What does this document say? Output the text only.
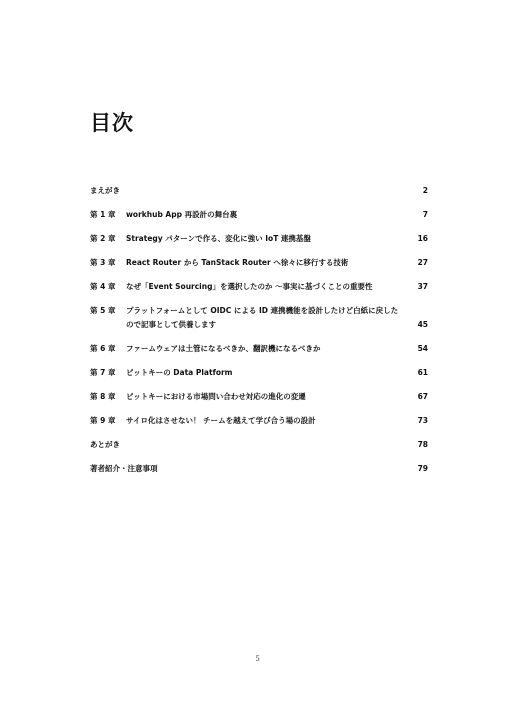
目次
まえがき	2
第 1 章 workhub App 再設計の舞台裏	7
第 2 章 Strategy パターンで作る、変化に強い IoT 連携基盤	16
第 3 章 React Router から TanStack Router へ徐々に移行する技術	27
第 4 章 なぜ「Event Sourcing」を選択したのか 〜事実に基づくことの重要性	37
第 5 章 プラットフォームとして OIDC による ID 連携機能を設計したけど白紙に戻した
ので記事として供養します	45
第 6 章 ファームウェアは土管になるべきか、翻訳機になるべきか	54
第 7 章 ビットキーの Data Platform	61
第 8 章 ビットキーにおける市場問い合わせ対応の進化の変遷	67
第 9 章 サイロ化はさせない！ チームを越えて学び合う場の設計	73
あとがき	78
著者紹介・注意事項	79
5
